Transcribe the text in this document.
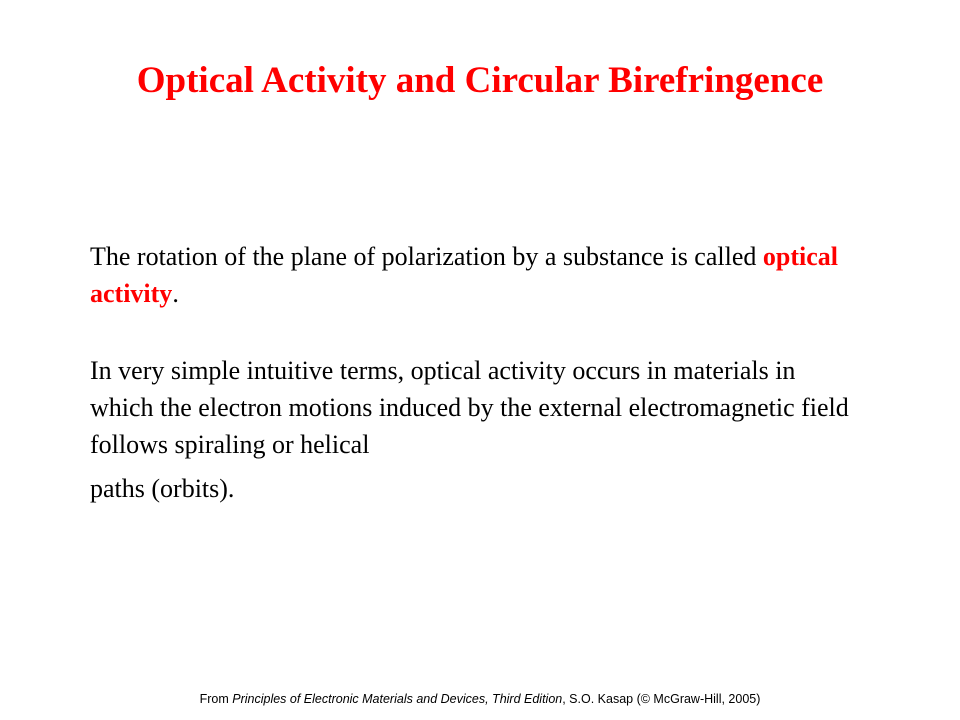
Optical Activity and Circular Birefringence

The rotation of the plane of polarization by a substance is called optical activity.

In very simple intuitive terms, optical activity occurs in materials in which the electron motions induced by the external electromagnetic field follows spiraling or helical
paths (orbits).

From Principles of Electronic Materials and Devices, Third Edition, S.O. Kasap (© McGraw-Hill, 2005)
